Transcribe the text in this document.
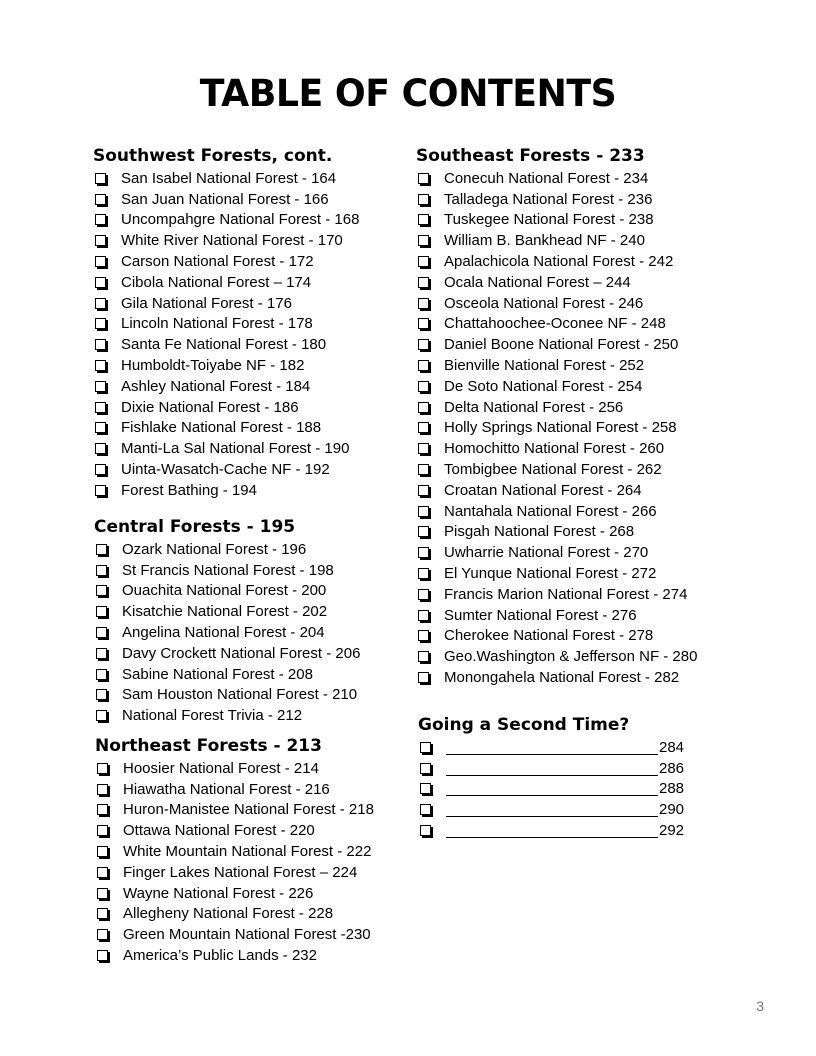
TABLE OF CONTENTS
Southwest Forests, cont.
San Isabel National Forest - 164
San Juan National Forest - 166
Uncompahgre National Forest - 168
White River National Forest - 170
Carson National Forest - 172
Cibola National Forest – 174
Gila National Forest - 176
Lincoln National Forest - 178
Santa Fe National Forest - 180
Humboldt-Toiyabe NF - 182
Ashley National Forest - 184
Dixie National Forest - 186
Fishlake National Forest - 188
Manti-La Sal National Forest - 190
Uinta-Wasatch-Cache NF - 192
Forest Bathing - 194
Central Forests - 195
Ozark National Forest - 196
St Francis National Forest - 198
Ouachita National Forest - 200
Kisatchie National Forest - 202
Angelina National Forest - 204
Davy Crockett National Forest - 206
Sabine National Forest - 208
Sam Houston National Forest - 210
National Forest Trivia - 212
Northeast Forests - 213
Hoosier National Forest - 214
Hiawatha National Forest - 216
Huron-Manistee National Forest - 218
Ottawa National Forest - 220
White Mountain National Forest - 222
Finger Lakes National Forest – 224
Wayne National Forest - 226
Allegheny National Forest - 228
Green Mountain National Forest -230
America’s Public Lands - 232
Southeast Forests - 233
Conecuh National Forest - 234
Talladega National Forest - 236
Tuskegee National Forest - 238
William B. Bankhead NF - 240
Apalachicola National Forest - 242
Ocala National Forest – 244
Osceola National Forest - 246
Chattahoochee-Oconee NF - 248
Daniel Boone National Forest - 250
Bienville National Forest - 252
De Soto National Forest - 254
Delta National Forest - 256
Holly Springs National Forest - 258
Homochitto National Forest - 260
Tombigbee National Forest - 262
Croatan National Forest - 264
Nantahala National Forest - 266
Pisgah National Forest - 268
Uwharrie National Forest - 270
El Yunque National Forest - 272
Francis Marion National Forest - 274
Sumter National Forest - 276
Cherokee National Forest - 278
Geo.Washington & Jefferson NF - 280
Monongahela National Forest - 282
Going a Second Time?
284
286
288
290
292
3
